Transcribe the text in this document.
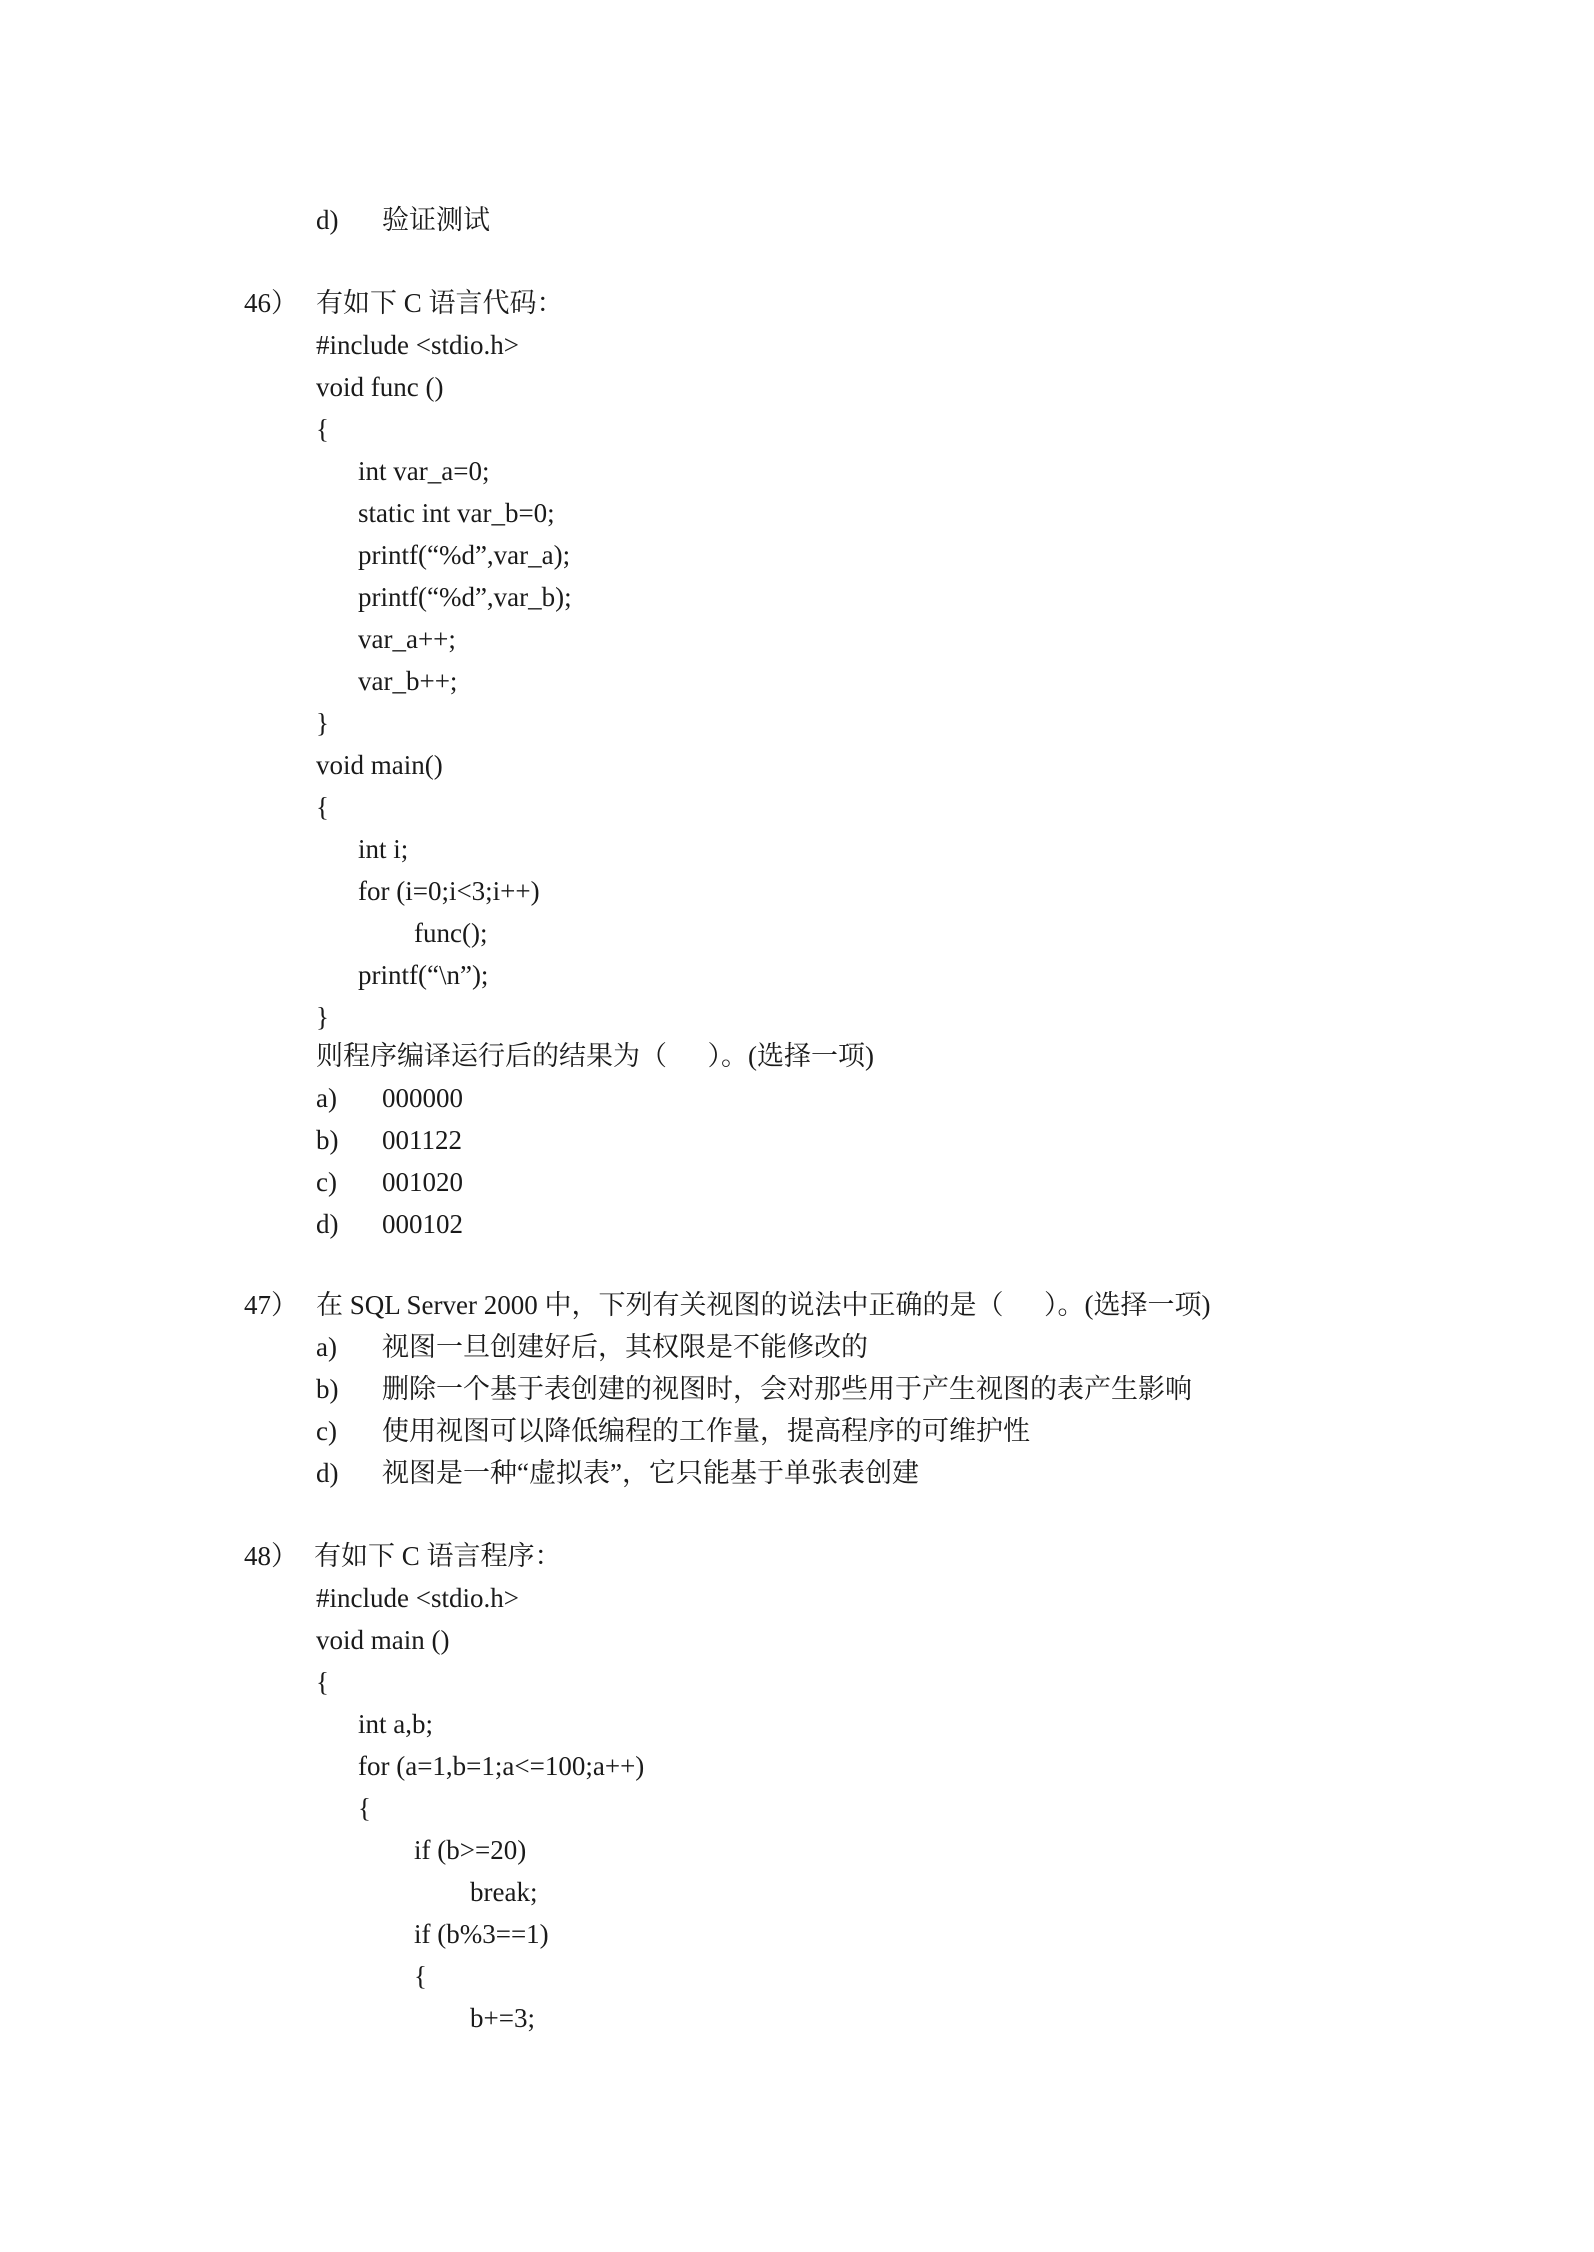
d) 验证测试
46） 有如下 C 语言代码：
#include <stdio.h>
void func ()
{
int var_a=0;
static int var_b=0;
printf(“%d”,var_a);
printf(“%d”,var_b);
var_a++;
var_b++;
}
void main()
{
int i;
for (i=0;i<3;i++)
func();
printf(“\n”);
}
则程序编译运行后的结果为（      ）。(选择一项)
a) 000000
b) 001122
c) 001020
d) 000102
47） 在 SQL Server 2000 中，下列有关视图的说法中正确的是（      ）。(选择一项)
a) 视图一旦创建好后，其权限是不能修改的
b) 删除一个基于表创建的视图时，会对那些用于产生视图的表产生影响
c) 使用视图可以降低编程的工作量，提高程序的可维护性
d) 视图是一种“虚拟表”，它只能基于单张表创建
48） 有如下 C 语言程序：
#include <stdio.h>
void main ()
{
int a,b;
for (a=1,b=1;a<=100;a++)
{
if (b>=20)
break;
if (b%3==1)
{
b+=3;
